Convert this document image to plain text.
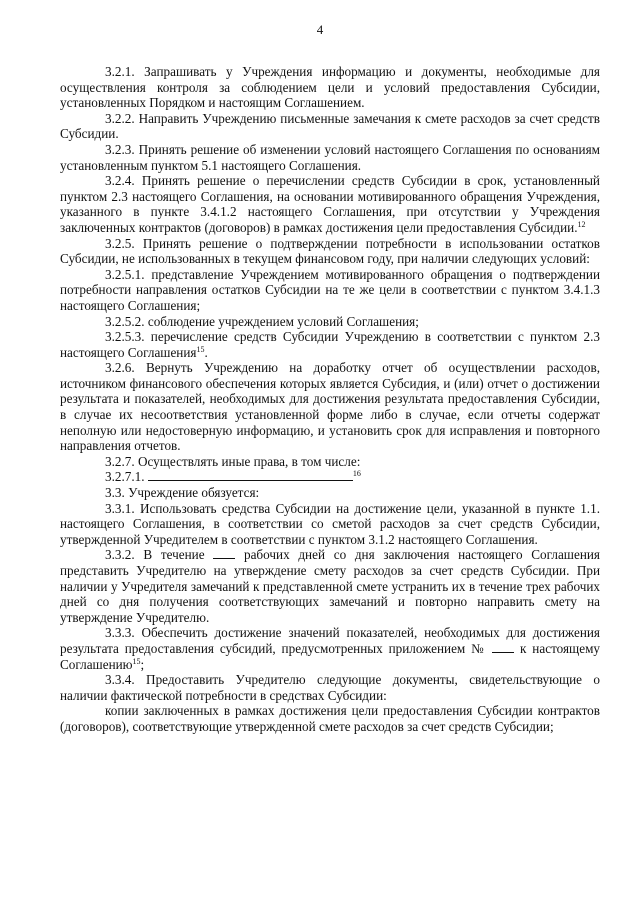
4

3.2.1. Запрашивать у Учреждения информацию и документы, необходимые для осуществления контроля за соблюдением цели и условий предоставления Субсидии, установленных Порядком и настоящим Соглашением.

3.2.2. Направить Учреждению письменные замечания к смете расходов за счет средств Субсидии.

3.2.3. Принять решение об изменении условий настоящего Соглашения по основаниям установленным пунктом 5.1 настоящего Соглашения.

3.2.4. Принять решение о перечислении средств Субсидии в срок, установленный пунктом 2.3 настоящего Соглашения, на основании мотивированного обращения Учреждения, указанного в пункте 3.4.1.2 настоящего Соглашения, при отсутствии у Учреждения заключенных контрактов (договоров) в рамках достижения цели предоставления Субсидии.$^{12}$

3.2.5. Принять решение о подтверждении потребности в использовании остатков Субсидии, не использованных в текущем финансовом году, при наличии следующих условий:

3.2.5.1. представление Учреждением мотивированного обращения о подтверждении потребности направления остатков Субсидии на те же цели в соответствии с пунктом 3.4.1.3 настоящего Соглашения;

3.2.5.2. соблюдение учреждением условий Соглашения;

3.2.5.3. перечисление средств Субсидии Учреждению в соответствии с пунктом 2.3 настоящего Соглашения$^{15}$.

3.2.6. Вернуть Учреждению на доработку отчет об осуществлении расходов, источником финансового обеспечения которых является Субсидия, и (или) отчет о достижении результата и показателей, необходимых для достижения результата предоставления Субсидии, в случае их несоответствия установленной форме либо в случае, если отчеты содержат неполную или недостоверную информацию, и установить срок для исправления и повторного направления отчетов.

3.2.7. Осуществлять иные права, в том числе:

3.2.7.1.	$^{16}$

3.3. Учреждение обязуется:

3.3.1. Использовать средства Субсидии на достижение цели, указанной в пункте 1.1. настоящего Соглашения, в соответствии со сметой расходов за счет средств Субсидии, утвержденной Учредителем в соответствии с пунктом 3.1.2 настоящего Соглашения.

3.3.2. В течение	рабочих дней со дня заключения настоящего Соглашения представить Учредителю на утверждение смету расходов за счет средств Субсидии. При наличии у Учредителя замечаний к представленной смете устранить их в течение трех рабочих дней со дня получения соответствующих замечаний и повторно направить смету на утверждение Учредителю.

3.3.3. Обеспечить достижение значений показателей, необходимых для достижения результата предоставления субсидий, предусмотренных приложением №	к настоящему Соглашению$^{15}$;

3.3.4. Предоставить Учредителю следующие документы, свидетельствующие о наличии фактической потребности в средствах Субсидии:

копии заключенных в рамках достижения цели предоставления Субсидии контрактов (договоров), соответствующие утвержденной смете расходов за счет средств Субсидии;
